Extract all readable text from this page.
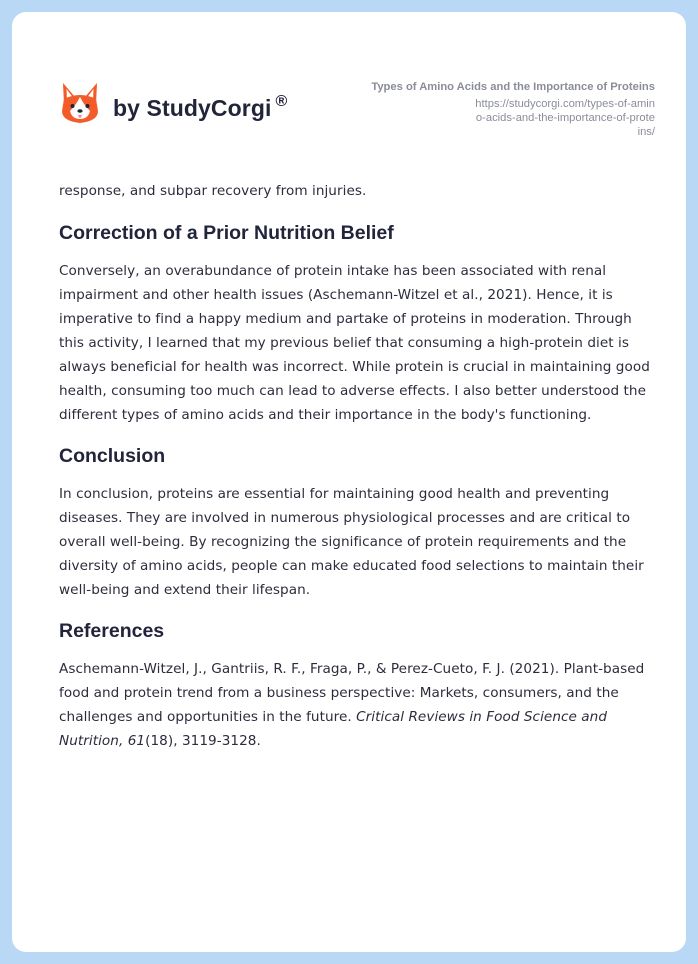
by StudyCorgi ®
Types of Amino Acids and the Importance of Proteins
https://studycorgi.com/types-of-amino-acids-and-the-importance-of-proteins/

response, and subpar recovery from injuries.

Correction of a Prior Nutrition Belief

Conversely, an overabundance of protein intake has been associated with renal impairment and other health issues (Aschemann-Witzel et al., 2021). Hence, it is imperative to find a happy medium and partake of proteins in moderation. Through this activity, I learned that my previous belief that consuming a high-protein diet is always beneficial for health was incorrect. While protein is crucial in maintaining good health, consuming too much can lead to adverse effects. I also better understood the different types of amino acids and their importance in the body's functioning.

Conclusion

In conclusion, proteins are essential for maintaining good health and preventing diseases. They are involved in numerous physiological processes and are critical to overall well-being. By recognizing the significance of protein requirements and the diversity of amino acids, people can make educated food selections to maintain their well-being and extend their lifespan.

References

Aschemann-Witzel, J., Gantriis, R. F., Fraga, P., & Perez-Cueto, F. J. (2021). Plant-based food and protein trend from a business perspective: Markets, consumers, and the challenges and opportunities in the future. Critical Reviews in Food Science and Nutrition, 61(18), 3119-3128.
